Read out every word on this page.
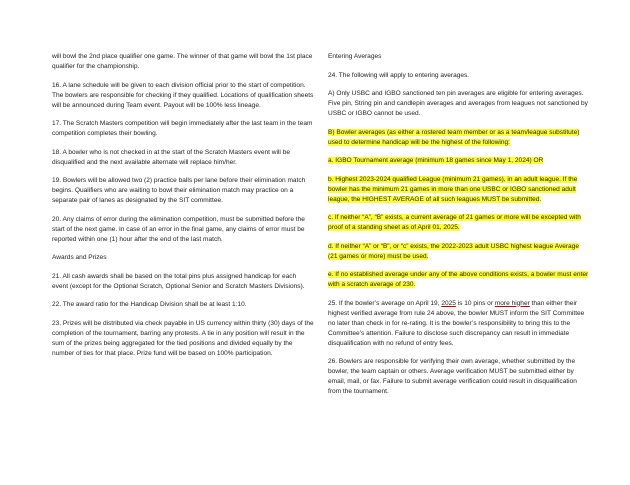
will bowl the 2nd place qualifier one game. The winner of that game will bowl the 1st place qualifier for the championship.

16. A lane schedule will be given to each division official prior to the start of competition. The bowlers are responsible for checking if they qualified. Locations of qualification sheets will be announced during Team event. Payout will be 100% less lineage.

17. The Scratch Masters competition will begin immediately after the last team in the team competition completes their bowling.

18. A bowler who is not checked in at the start of the Scratch Masters event will be disqualified and the next available alternate will replace him/her.

19. Bowlers will be allowed two (2) practice balls per lane before their elimination match begins. Qualifiers who are waiting to bowl their elimination match may practice on a separate pair of lanes as designated by the SIT committee.

20. Any claims of error during the elimination competition, must be submitted before the start of the next game. In case of an error in the final game, any claims of error must be reported within one (1) hour after the end of the last match.

Awards and Prizes

21. All cash awards shall be based on the total pins plus assigned handicap for each event (except for the Optional Scratch, Optional Senior and Scratch Masters Divisions).

22. The award ratio for the Handicap Division shall be at least 1:10.

23. Prizes will be distributed via check payable in US currency within thirty (30) days of the completion of the tournament, barring any protests. A tie in any position will result in the sum of the prizes being aggregated for the tied positions and divided equally by the number of ties for that place. Prize fund will be based on 100% participation.

Entering Averages

24. The following will apply to entering averages.

A) Only USBC and IGBO sanctioned ten pin averages are eligible for entering averages. Five pin, String pin and candlepin averages and averages from leagues not sanctioned by USBC or IGBO cannot be used.

B) Bowler averages (as either a rostered team member or as a team/league substitute) used to determine handicap will be the highest of the following:

a. IGBO Tournament average (minimum 18 games since May 1, 2024) OR

b. Highest 2023-2024 qualified League (minimum 21 games), in an adult league. If the bowler has the minimum 21 games in more than one USBC or IGBO sanctioned adult league, the HIGHEST AVERAGE of all such leagues MUST be submitted.

c. If neither “A”, “B” exists, a current average of 21 games or more will be excepted with proof of a standing sheet as of April 01, 2025.

d. If neither “A” or “B”, or “c” exists, the 2022-2023 adult USBC highest league Average (21 games or more) must be used.

e. If no established average under any of the above conditions exists, a bowler must enter with a scratch average of 230.

25. If the bowler’s average on April 19, 2025 is 10 pins or more higher than either their highest verified average from rule 24 above, the bowler MUST inform the SIT Committee no later than check in for re-rating. It is the bowler’s responsibility to bring this to the Committee’s attention. Failure to disclose such discrepancy can result in immediate disqualification with no refund of entry fees.

26. Bowlers are responsible for verifying their own average, whether submitted by the bowler, the team captain or others. Average verification MUST be submitted either by email, mail, or fax. Failure to submit average verification could result in disqualification from the tournament.
